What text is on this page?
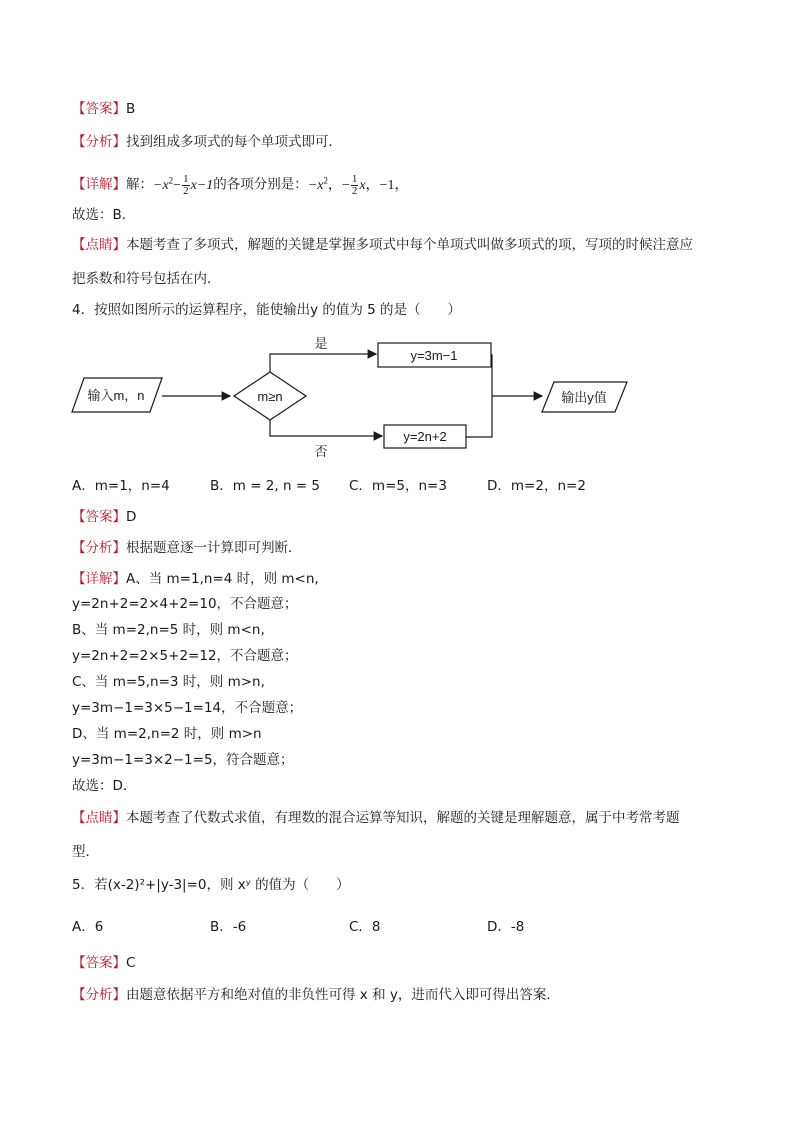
【答案】B
【分析】找到组成多项式的每个单项式即可．
【详解】解：$-x^2- \frac{1}{2} x-1$的各项分别是：$-x^2$，− $\frac{1}{2}$ x，−1，
故选：B．
【点睛】本题考查了多项式，解题的关键是掌握多项式中每个单项式叫做多项式的项，写项的时候注意应
把系数和符号包括在内．
4．按照如图所示的运算程序，能使输出y 的值为 5 的是（　　）
输入m，n	m≥n
是
y=3m−1
否
y=2n+2
输出y值
A．m=1，n=4	B．m = 2, n = 5 C．m=5，n=3	D．m=2，n=2
【答案】D
【分析】根据题意逐一计算即可判断．
【详解】A、当 m=1,n=4 时，则 m<n,
y=2n+2=2×4+2=10，不合题意；
B、当 m=2,n=5 时，则 m<n,
y=2n+2=2×5+2=12，不合题意；
C、当 m=5,n=3 时，则 m>n,
y=3m−1=3×5−1=14，不合题意；
D、当 m=2,n=2 时，则 m>n
y=3m−1=3×2−1=5，符合题意；
故选：D．
【点睛】本题考查了代数式求值，有理数的混合运算等知识，解题的关键是理解题意，属于中考常考题
型．
5．若(x-2)²+|y-3|=0，则 xʸ 的值为（　　）
A．6	B．-6	C．8	D．-8
【答案】C
【分析】由题意依据平方和绝对值的非负性可得 x 和 y，进而代入即可得出答案.
